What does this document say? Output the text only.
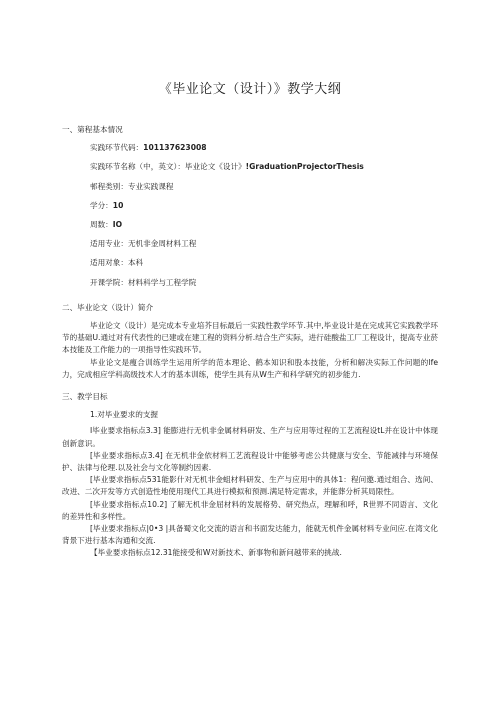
《毕业论文（设计）》教学大纲
一、第程基本情况
实践环节代码：101137623008
实践环节名称（中，英文）：毕业论文《设计》!GraduationProjectorThesis
邨程类别：专业实践课程
学分：10
周数：IO
适用专业：无机非金周材料工程
适用对象：本科
开课学院：材料科学与工程学院
二、毕业论文（设计）简介

毕业论文（设计）是完成本专业培芥目标最后一实践性教学环节.其中,毕业设计是在完成其它实践教学环节的基础U.通过对有代表性的已建或在建工程的资料分析.结合生产实际，进行硅酸盐工厂工程设计，提高专业菸本技能及工作能力的一项指导性实践环节。

毕业论文是瘦合训练学生运用所学的范本理论、鹤本知识和股本技能，分析和解决实际工作问题的lfe力，完成相应学科高级技术人才的基本训练，使学生具有从W生产和科学研究的初步能力.

三、教学目标
1.对毕业要求的支握

I毕业要求指标点3.3] 能膨进行无机非金属材料研发、生产与应用等过程的工艺流程设tL并在设计中体现创新意识。

[毕业要求指标点3.4] 在无机非金依材料工艺流程设计中能够考虑公共健康与安全、节能减排与环境保护、法律与伦理.以及社会与文化等制约因素.

[毕业要求指标点531能影什对无机非金蛆材料研发、生产与应用中的具体1：程问邀.通过组合、选间、改进、二次开发等方式创造性地使用现代工具进行模拟和预测.满足特定需求，并能葬分析其局限性。

[毕业要求指标点10.2] 了解无机非金屈材料的发展格势、研究热点，理解和呼，R世界不同语言、文化的差异性和多样性。

[毕业要求指标点|0•3 |具备蜀文化交流的语言和书面发达能力，能就无机件金属材料专业问应.在湾文化背景下进行基本沟通和交流.

【毕业要求指标点12.31能接受和W对新技术、新事物和新问越带来的挑战.
